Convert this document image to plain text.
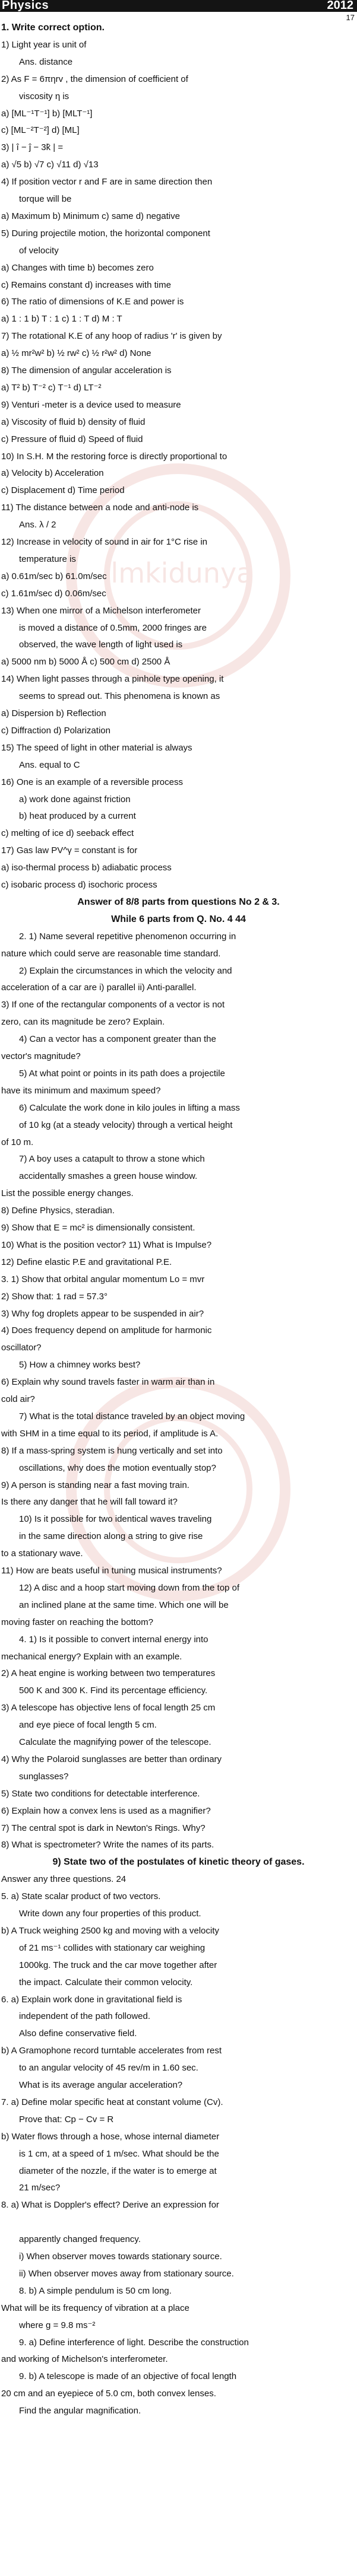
Physics	2012
17
ilmkidunya
1. Write correct option.
1) Light year is unit of
Ans. distance
2) As F = 6πηrv , the dimension of coefficient of
viscosity η is
a) [ML⁻¹T⁻¹] b) [MLT⁻¹]
c) [ML⁻²T⁻²] d) [ML]
3) | î − ĵ − 3k̂ | =
a) √5 b) √7 c) √11 d) √13
4) If position vector r and F are in same direction then
torque will be
a) Maximum b) Minimum c) same d) negative
5) During projectile motion, the horizontal component
of velocity
a) Changes with time b) becomes zero
c) Remains constant d) increases with time
6) The ratio of dimensions of K.E and power is
a) 1 : 1 b) T : 1 c) 1 : T d) M : T
7) The rotational K.E of any hoop of radius 'r' is given by
a) ½ mr²w² b) ½ rw² c) ½ r²w² d) None
8) The dimension of angular acceleration is
a) T² b) T⁻² c) T⁻¹ d) LT⁻²
9) Venturi -meter is a device used to measure
a) Viscosity of fluid b) density of fluid
c) Pressure of fluid d) Speed of fluid
10) In S.H. M the restoring force is directly proportional to
a) Velocity b) Acceleration
c) Displacement d) Time period
11) The distance between a node and anti-node is
Ans. λ / 2
12) Increase in velocity of sound in air for 1°C rise in
temperature is
a) 0.61m/sec b) 61.0m/sec
c) 1.61m/sec d) 0.06m/sec
13) When one mirror of a Michelson interferometer
is moved a distance of 0.5mm, 2000 fringes are
observed, the wave length of light used is
a) 5000 nm b) 5000 Å c) 500 cm d) 2500 Å
14) When light passes through a pinhole type opening, it
seems to spread out. This phenomena is known as
a) Dispersion b) Reflection
c) Diffraction d) Polarization
15) The speed of light in other material is always
Ans. equal to C
16) One is an example of a reversible process
a) work done against friction
b) heat produced by a current
c) melting of ice d) seeback effect
17) Gas law PV^γ = constant is for
a) iso-thermal process b) adiabatic process
c) isobaric process d) isochoric process
Answer of 8/8 parts from questions No 2 & 3.
While 6 parts from Q. No. 4 44
2. 1) Name several repetitive phenomenon occurring in
nature which could serve are reasonable time standard.
2) Explain the circumstances in which the velocity and
acceleration of a car are i) parallel ii) Anti-parallel.
3) If one of the rectangular components of a vector is not
zero, can its magnitude be zero? Explain.
4) Can a vector has a component greater than the
vector's magnitude?
5) At what point or points in its path does a projectile
have its minimum and maximum speed?
6) Calculate the work done in kilo joules in lifting a mass
of 10 kg (at a steady velocity) through a vertical height
of 10 m.
7) A boy uses a catapult to throw a stone which
accidentally smashes a green house window.
List the possible energy changes.
8) Define Physics, steradian.
9) Show that E = mc² is dimensionally consistent.
10) What is the position vector? 11) What is Impulse?
12) Define elastic P.E and gravitational P.E.
3. 1) Show that orbital angular momentum Lo = mvr
2) Show that: 1 rad = 57.3°
3) Why fog droplets appear to be suspended in air?
4) Does frequency depend on amplitude for harmonic
oscillator?
5) How a chimney works best?
6) Explain why sound travels faster in warm air than in
cold air?
7) What is the total distance traveled by an object moving
with SHM in a time equal to its period, if amplitude is A.
8) If a mass-spring system is hung vertically and set into
oscillations, why does the motion eventually stop?
9) A person is standing near a fast moving train.
Is there any danger that he will fall toward it?
10) Is it possible for two identical waves traveling
in the same direction along a string to give rise
to a stationary wave.
11) How are beats useful in tuning musical instruments?
12) A disc and a hoop start moving down from the top of
an inclined plane at the same time. Which one will be
moving faster on reaching the bottom?
4. 1) Is it possible to convert internal energy into
mechanical energy? Explain with an example.
2) A heat engine is working between two temperatures
500 K and 300 K. Find its percentage efficiency.
3) A telescope has objective lens of focal length 25 cm
and eye piece of focal length 5 cm.
Calculate the magnifying power of the telescope.
4) Why the Polaroid sunglasses are better than ordinary
sunglasses?
5) State two conditions for detectable interference.
6) Explain how a convex lens is used as a magnifier?
7) The central spot is dark in Newton's Rings. Why?
8) What is spectrometer? Write the names of its parts.
9) State two of the postulates of kinetic theory of gases.
Answer any three questions. 24
5. a) State scalar product of two vectors.
Write down any four properties of this product.
b) A Truck weighing 2500 kg and moving with a velocity
of 21 ms⁻¹ collides with stationary car weighing
1000kg. The truck and the car move together after
the impact. Calculate their common velocity.
6. a) Explain work done in gravitational field is
independent of the path followed.
Also define conservative field.
b) A Gramophone record turntable accelerates from rest
to an angular velocity of 45 rev/m in 1.60 sec.
What is its average angular acceleration?
7. a) Define molar specific heat at constant volume (Cv).
Prove that: Cp − Cv = R
b) Water flows through a hose, whose internal diameter
is 1 cm, at a speed of 1 m/sec. What should be the
diameter of the nozzle, if the water is to emerge at
21 m/sec?
8. a) What is Doppler's effect? Derive an expression for
apparently changed frequency.
i) When observer moves towards stationary source.
ii) When observer moves away from stationary source.
8. b) A simple pendulum is 50 cm long.
What will be its frequency of vibration at a place
where g = 9.8 ms⁻²
9. a) Define interference of light. Describe the construction
and working of Michelson's interferometer.
9. b) A telescope is made of an objective of focal length
20 cm and an eyepiece of 5.0 cm, both convex lenses.
Find the angular magnification.
